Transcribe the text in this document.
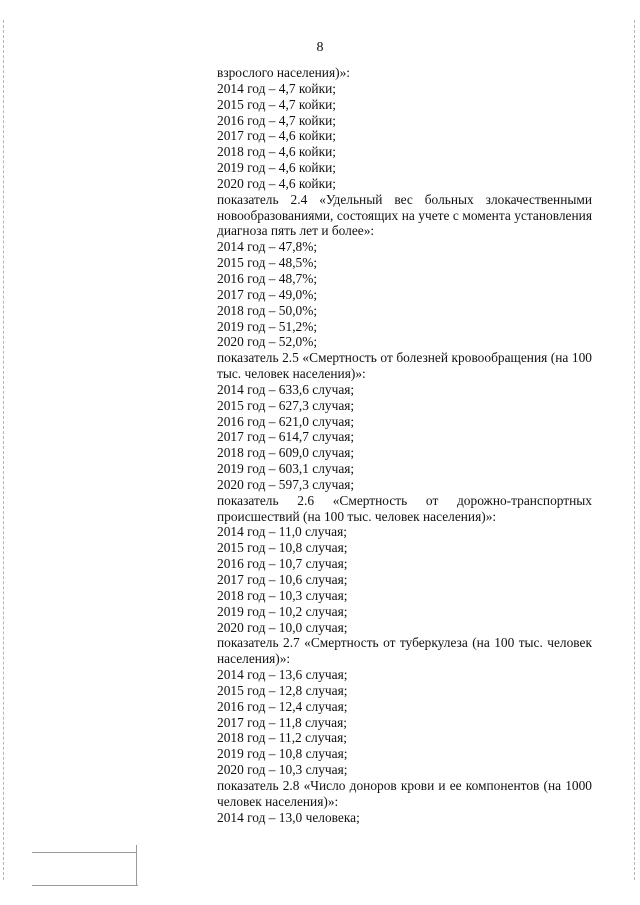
8
взрослого населения)»:
2014 год – 4,7 койки;
2015 год – 4,7 койки;
2016 год – 4,7 койки;
2017 год – 4,6 койки;
2018 год – 4,6 койки;
2019 год – 4,6 койки;
2020 год – 4,6 койки;
показатель 2.4 «Удельный вес больных злокачественными новообразованиями, состоящих на учете с момента установления диагноза пять лет и более»:
2014 год – 47,8%;
2015 год – 48,5%;
2016 год – 48,7%;
2017 год – 49,0%;
2018 год – 50,0%;
2019 год – 51,2%;
2020 год – 52,0%;
показатель 2.5 «Смертность от болезней кровообращения (на 100 тыс. человек населения)»:
2014 год – 633,6 случая;
2015 год – 627,3 случая;
2016 год – 621,0 случая;
2017 год – 614,7 случая;
2018 год – 609,0 случая;
2019 год – 603,1 случая;
2020 год – 597,3 случая;
показатель 2.6 «Смертность от дорожно-транспортных происшествий (на 100 тыс. человек населения)»:
2014 год – 11,0 случая;
2015 год – 10,8 случая;
2016 год – 10,7 случая;
2017 год – 10,6 случая;
2018 год – 10,3 случая;
2019 год – 10,2 случая;
2020 год – 10,0 случая;
показатель 2.7 «Смертность от туберкулеза (на 100 тыс. человек населения)»:
2014 год – 13,6 случая;
2015 год – 12,8 случая;
2016 год – 12,4 случая;
2017 год – 11,8 случая;
2018 год – 11,2 случая;
2019 год – 10,8 случая;
2020 год – 10,3 случая;
показатель 2.8 «Число доноров крови и ее компонентов (на 1000 человек населения)»:
2014 год – 13,0 человека;
